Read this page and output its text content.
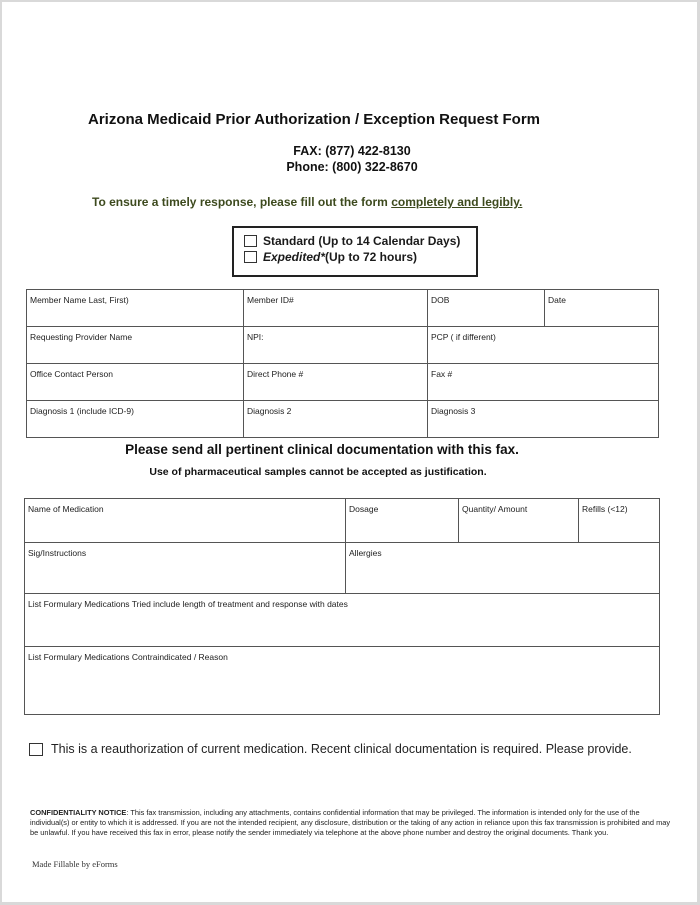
Arizona Medicaid Prior Authorization / Exception Request Form
FAX: (877) 422-8130
Phone: (800) 322-8670
To ensure a timely response, please fill out the form completely and legibly.
Standard (Up to 14 Calendar Days)
Expedited* (Up to 72 hours)
Member Name Last, First)	Member ID#	DOB	Date
Requesting Provider Name	NPI:	PCP ( if different)	
Office Contact Person	Direct Phone #	Fax #	
Diagnosis 1 (include ICD-9)	Diagnosis 2	Diagnosis 3	
Please send all pertinent clinical documentation with this fax.
Use of pharmaceutical samples cannot be accepted as justification.
Name of Medication	Dosage	Quantity/ Amount	Refills (<12)
Sig/Instructions	Allergies		
List Formulary Medications Tried include length of treatment and response with dates			
List Formulary Medications Contraindicated / Reason			
This is a reauthorization of current medication. Recent clinical documentation is required. Please provide.
CONFIDENTIALITY NOTICE: This fax transmission, including any attachments, contains confidential information that may be privileged. The information is intended only for the use of the individual(s) or entity to which it is addressed. If you are not the intended recipient, any disclosure, distribution or the taking of any action in reliance upon this fax transmission is prohibited and may be unlawful. If you have received this fax in error, please notify the sender immediately via telephone at the above phone number and destroy the original documents. Thank you.
Made Fillable by eForms
